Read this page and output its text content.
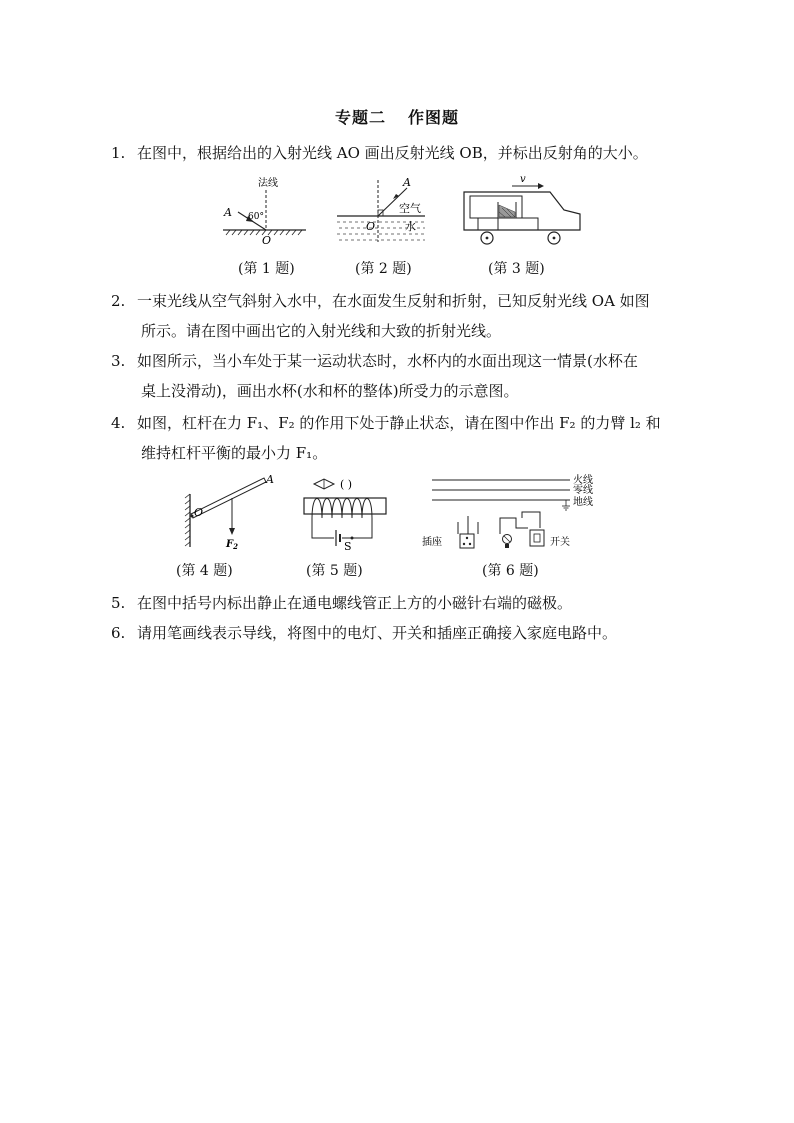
专题二 作图题
1. 在图中，根据给出的入射光线 AO 画出反射光线 OB，并标出反射角的大小。
法线
A 60°
O
(第 1 题)
A
O
空气
水
(第 2 题)
v
(第 3 题)
2. 一束光线从空气斜射入水中，在水面发生反射和折射，已知反射光线 OA 如图
所示。请在图中画出它的入射光线和大致的折射光线。
3. 如图所示，当小车处于某一运动状态时，水杯内的水面出现这一情景(水杯在
桌上没滑动)，画出水杯(水和杯的整体)所受力的示意图。
4. 如图，杠杆在力 F₁、F₂ 的作用下处于静止状态，请在图中作出 F₂ 的力臂 l₂ 和
维持杠杆平衡的最小力 F₁。
A
O
$F_2$
(第 4 题)
( )
S
(第 5 题)
火线
零线
地线
插座	开关
(第 6 题)
5. 在图中括号内标出静止在通电螺线管正上方的小磁针右端的磁极。
6. 请用笔画线表示导线，将图中的电灯、开关和插座正确接入家庭电路中。
